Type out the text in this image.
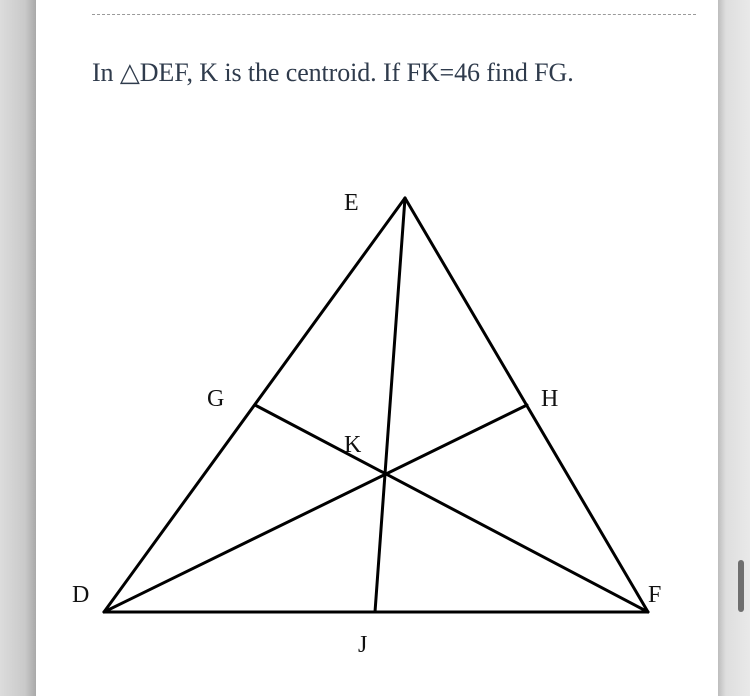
In △DEF, K is the centroid. If FK=46 find FG.

E
G	H
K
D	F
J
